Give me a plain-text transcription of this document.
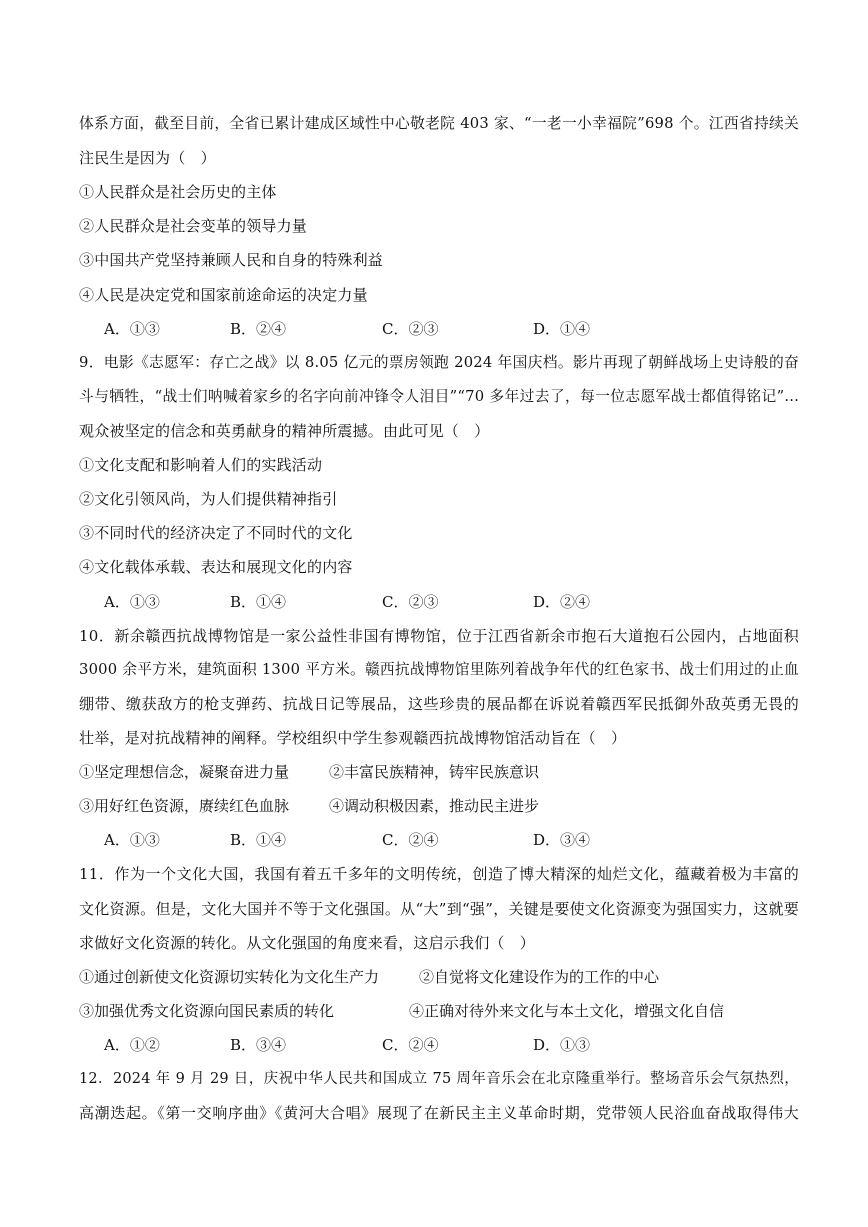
体系方面，截至目前，全省已累计建成区域性中心敬老院 403 家、“一老一小幸福院”698 个。江西省持续关
注民生是因为（　）
①人民群众是社会历史的主体
②人民群众是社会变革的领导力量
③中国共产党坚持兼顾人民和自身的特殊利益
④人民是决定党和国家前途命运的决定力量
A．①③	B．②④	C．②③	D．①④
9．电影《志愿军：存亡之战》以 8.05 亿元的票房领跑 2024 年国庆档。影片再现了朝鲜战场上史诗般的奋
斗与牺牲，“战士们呐喊着家乡的名字向前冲锋令人泪目”“70 多年过去了，每一位志愿军战士都值得铭记”...
观众被坚定的信念和英勇献身的精神所震撼。由此可见（　）
①文化支配和影响着人们的实践活动
②文化引领风尚，为人们提供精神指引
③不同时代的经济决定了不同时代的文化
④文化载体承载、表达和展现文化的内容
A．①③	B．①④	C．②③	D．②④
10．新余赣西抗战博物馆是一家公益性非国有博物馆，位于江西省新余市抱石大道抱石公园内，占地面积
3000 余平方米，建筑面积 1300 平方米。赣西抗战博物馆里陈列着战争年代的红色家书、战士们用过的止血
绷带、缴获敌方的枪支弹药、抗战日记等展品，这些珍贵的展品都在诉说着赣西军民抵御外敌英勇无畏的
壮举，是对抗战精神的阐释。学校组织中学生参观赣西抗战博物馆活动旨在（　）
①坚定理想信念，凝聚奋进力量	②丰富民族精神，铸牢民族意识
③用好红色资源，赓续红色血脉	④调动积极因素，推动民主进步
A．①③	B．①④	C．②④	D．③④
11．作为一个文化大国，我国有着五千多年的文明传统，创造了博大精深的灿烂文化，蕴藏着极为丰富的
文化资源。但是，文化大国并不等于文化强国。从“大”到“强”，关键是要使文化资源变为强国实力，这就要
求做好文化资源的转化。从文化强国的角度来看，这启示我们（　）
①通过创新使文化资源切实转化为文化生产力	②自觉将文化建设作为的工作的中心
③加强优秀文化资源向国民素质的转化	④正确对待外来文化与本土文化，增强文化自信
A．①②	B．③④	C．②④	D．①③
12．2024 年 9 月 29 日，庆祝中华人民共和国成立 75 周年音乐会在北京隆重举行。整场音乐会气氛热烈，
高潮迭起。《第一交响序曲》《黄河大合唱》展现了在新民主主义革命时期，党带领人民浴血奋战取得伟大
